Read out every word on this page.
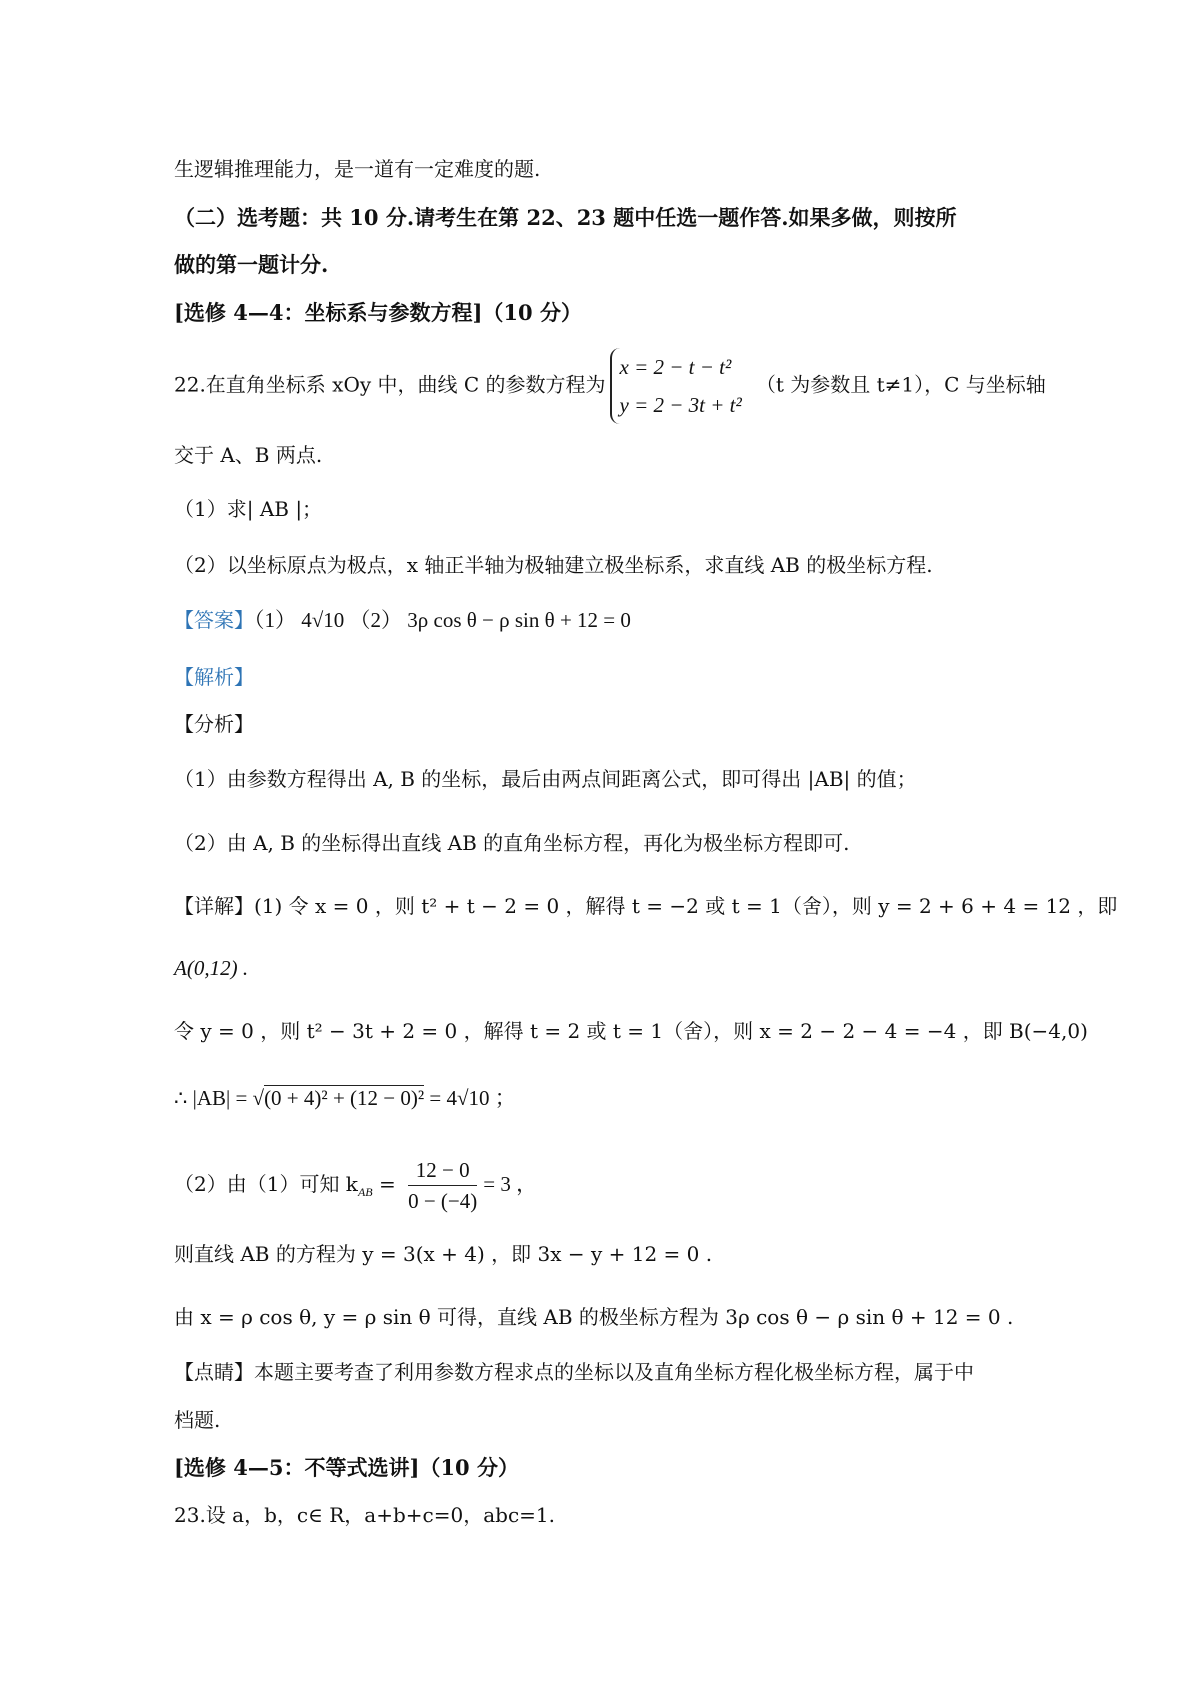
生逻辑推理能力，是一道有一定难度的题.
（二）选考题：共 10 分.请考生在第 22、23 题中任选一题作答.如果多做，则按所
做的第一题计分.
[选修 4—4：坐标系与参数方程]（10 分）
22.在直角坐标系 xOy 中，曲线 C 的参数方程为
x = 2 − t − t²
y = 2 − 3t + t²
（t 为参数且 t≠1），C 与坐标轴
交于 A、B 两点.
（1）求| AB |；
（2）以坐标原点为极点，x 轴正半轴为极轴建立极坐标系，求直线 AB 的极坐标方程.
【答案】（1） 4√10 （2） 3ρ cos θ − ρ sin θ + 12 = 0
【解析】
【分析】
（1）由参数方程得出 A, B 的坐标，最后由两点间距离公式，即可得出 |AB| 的值；
（2）由 A, B 的坐标得出直线 AB 的直角坐标方程，再化为极坐标方程即可.
【详解】(1) 令 x = 0 ，则 t² + t − 2 = 0 ，解得 t = −2 或 t = 1（舍），则 y = 2 + 6 + 4 = 12 ，即
A(0,12) .
令 y = 0 ，则 t² − 3t + 2 = 0 ，解得 t = 2 或 t = 1（舍），则 x = 2 − 2 − 4 = −4 ，即 B(−4,0)
∴ |AB| = √(0 + 4)² + (12 − 0)² = 4√10 ；
（2）由（1）可知 $k_{AB} = \frac{12 - 0}{0 - (-4)} = 3$ ，
则直线 AB 的方程为 y = 3(x + 4) ，即 3x − y + 12 = 0 .
由 x = ρ cos θ, y = ρ sin θ 可得，直线 AB 的极坐标方程为 3ρ cos θ − ρ sin θ + 12 = 0 .
【点睛】本题主要考查了利用参数方程求点的坐标以及直角坐标方程化极坐标方程，属于中
档题.
[选修 4—5：不等式选讲]（10 分）
23.设 a，b，c∈ R，a+b+c=0，abc=1.
